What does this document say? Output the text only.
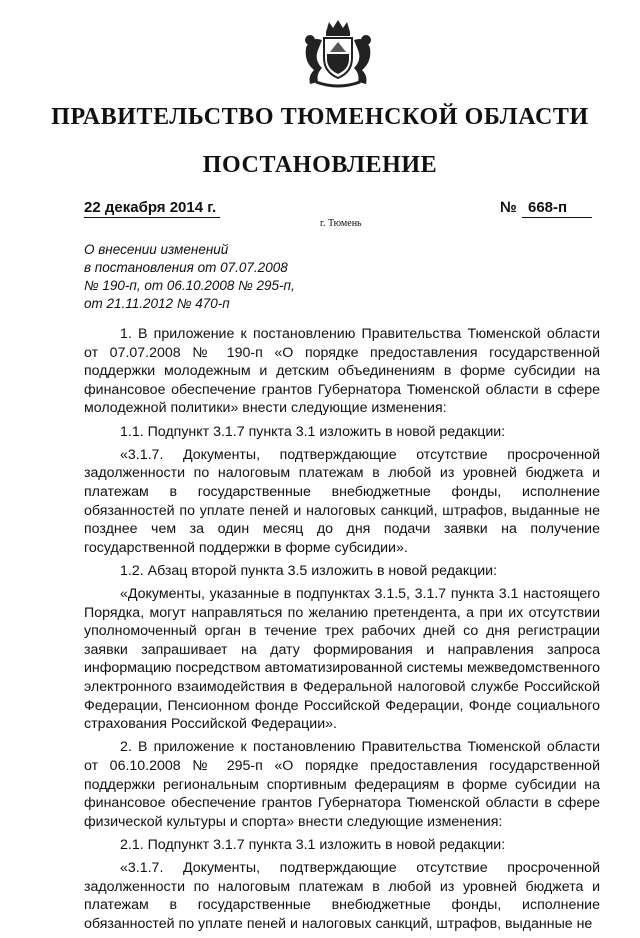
ПРАВИТЕЛЬСТВО ТЮМЕНСКОЙ ОБЛАСТИ
ПОСТАНОВЛЕНИЕ
22 декабря 2014 г.	№ 668-п
г. Тюмень
О внесении изменений
в постановления от 07.07.2008
№ 190-п, от 06.10.2008 № 295-п,
от 21.11.2012 № 470-п

1. В приложение к постановлению Правительства Тюменской области от 07.07.2008 № 190-п «О порядке предоставления государственной поддержки молодежным и детским объединениям в форме субсидии на финансовое обеспечение грантов Губернатора Тюменской области в сфере молодежной политики» внести следующие изменения:

1.1. Подпункт 3.1.7 пункта 3.1 изложить в новой редакции:

«3.1.7. Документы, подтверждающие отсутствие просроченной задолженности по налоговым платежам в любой из уровней бюджета и платежам в государственные внебюджетные фонды, исполнение обязанностей по уплате пеней и налоговых санкций, штрафов, выданные не позднее чем за один месяц до дня подачи заявки на получение государственной поддержки в форме субсидии».

1.2. Абзац второй пункта 3.5 изложить в новой редакции:

«Документы, указанные в подпунктах 3.1.5, 3.1.7 пункта 3.1 настоящего Порядка, могут направляться по желанию претендента, а при их отсутствии уполномоченный орган в течение трех рабочих дней со дня регистрации заявки запрашивает на дату формирования и направления запроса информацию посредством автоматизированной системы межведомственного электронного взаимодействия в Федеральной налоговой службе Российской Федерации, Пенсионном фонде Российской Федерации, Фонде социального страхования Российской Федерации».

2. В приложение к постановлению Правительства Тюменской области от 06.10.2008 № 295-п «О порядке предоставления государственной поддержки региональным спортивным федерациям в форме субсидии на финансовое обеспечение грантов Губернатора Тюменской области в сфере физической культуры и спорта» внести следующие изменения:

2.1. Подпункт 3.1.7 пункта 3.1 изложить в новой редакции:

«3.1.7. Документы, подтверждающие отсутствие просроченной задолженности по налоговым платежам в любой из уровней бюджета и платежам в государственные внебюджетные фонды, исполнение обязанностей по уплате пеней и налоговых санкций, штрафов, выданные не
